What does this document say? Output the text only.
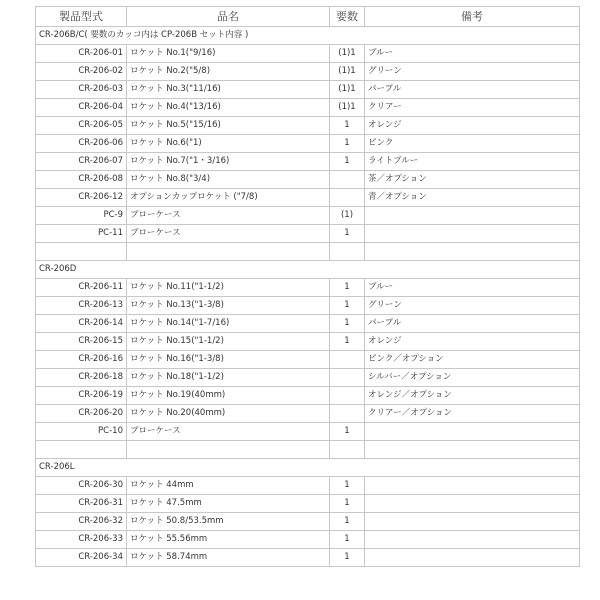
製品型式	品名	要数	備考
CR-206B/C( 要数のカッコ内は CP-206B セット内容 )			
CR-206-01	ロケット No.1("9/16)	(1)1	ブルー
CR-206-02	ロケット No.2("5/8)	(1)1	グリーン
CR-206-03	ロケット No.3("11/16)	(1)1	パープル
CR-206-04	ロケット No.4("13/16)	(1)1	クリアー
CR-206-05	ロケット No.5("15/16)	1	オレンジ
CR-206-06	ロケット No.6("1)	1	ピンク
CR-206-07	ロケット No.7("1・3/16)	1	ライトブルー
CR-206-08	ロケット No.8("3/4)		茶／オプション
CR-206-12	オプションカップロケット ("7/8)		青／オプション
PC-9	ブローケース	(1)	
PC-11	ブローケース	1	

CR-206D			
CR-206-11	ロケット No.11("1-1/2)	1	ブルー
CR-206-13	ロケット No.13("1-3/8)	1	グリーン
CR-206-14	ロケット No.14("1-7/16)	1	パープル
CR-206-15	ロケット No.15("1-1/2)	1	オレンジ
CR-206-16	ロケット No.16("1-3/8)		ピンク／オプション
CR-206-18	ロケット No.18("1-1/2)		シルバー／オプション
CR-206-19	ロケット No.19(40mm)		オレンジ／オプション
CR-206-20	ロケット No.20(40mm)		クリアー／オプション
PC-10	ブローケース	1	

CR-206L			
CR-206-30	ロケット 44mm	1	
CR-206-31	ロケット 47.5mm	1	
CR-206-32	ロケット 50.8/53.5mm	1	
CR-206-33	ロケット 55.56mm	1	
CR-206-34	ロケット 58.74mm	1	
